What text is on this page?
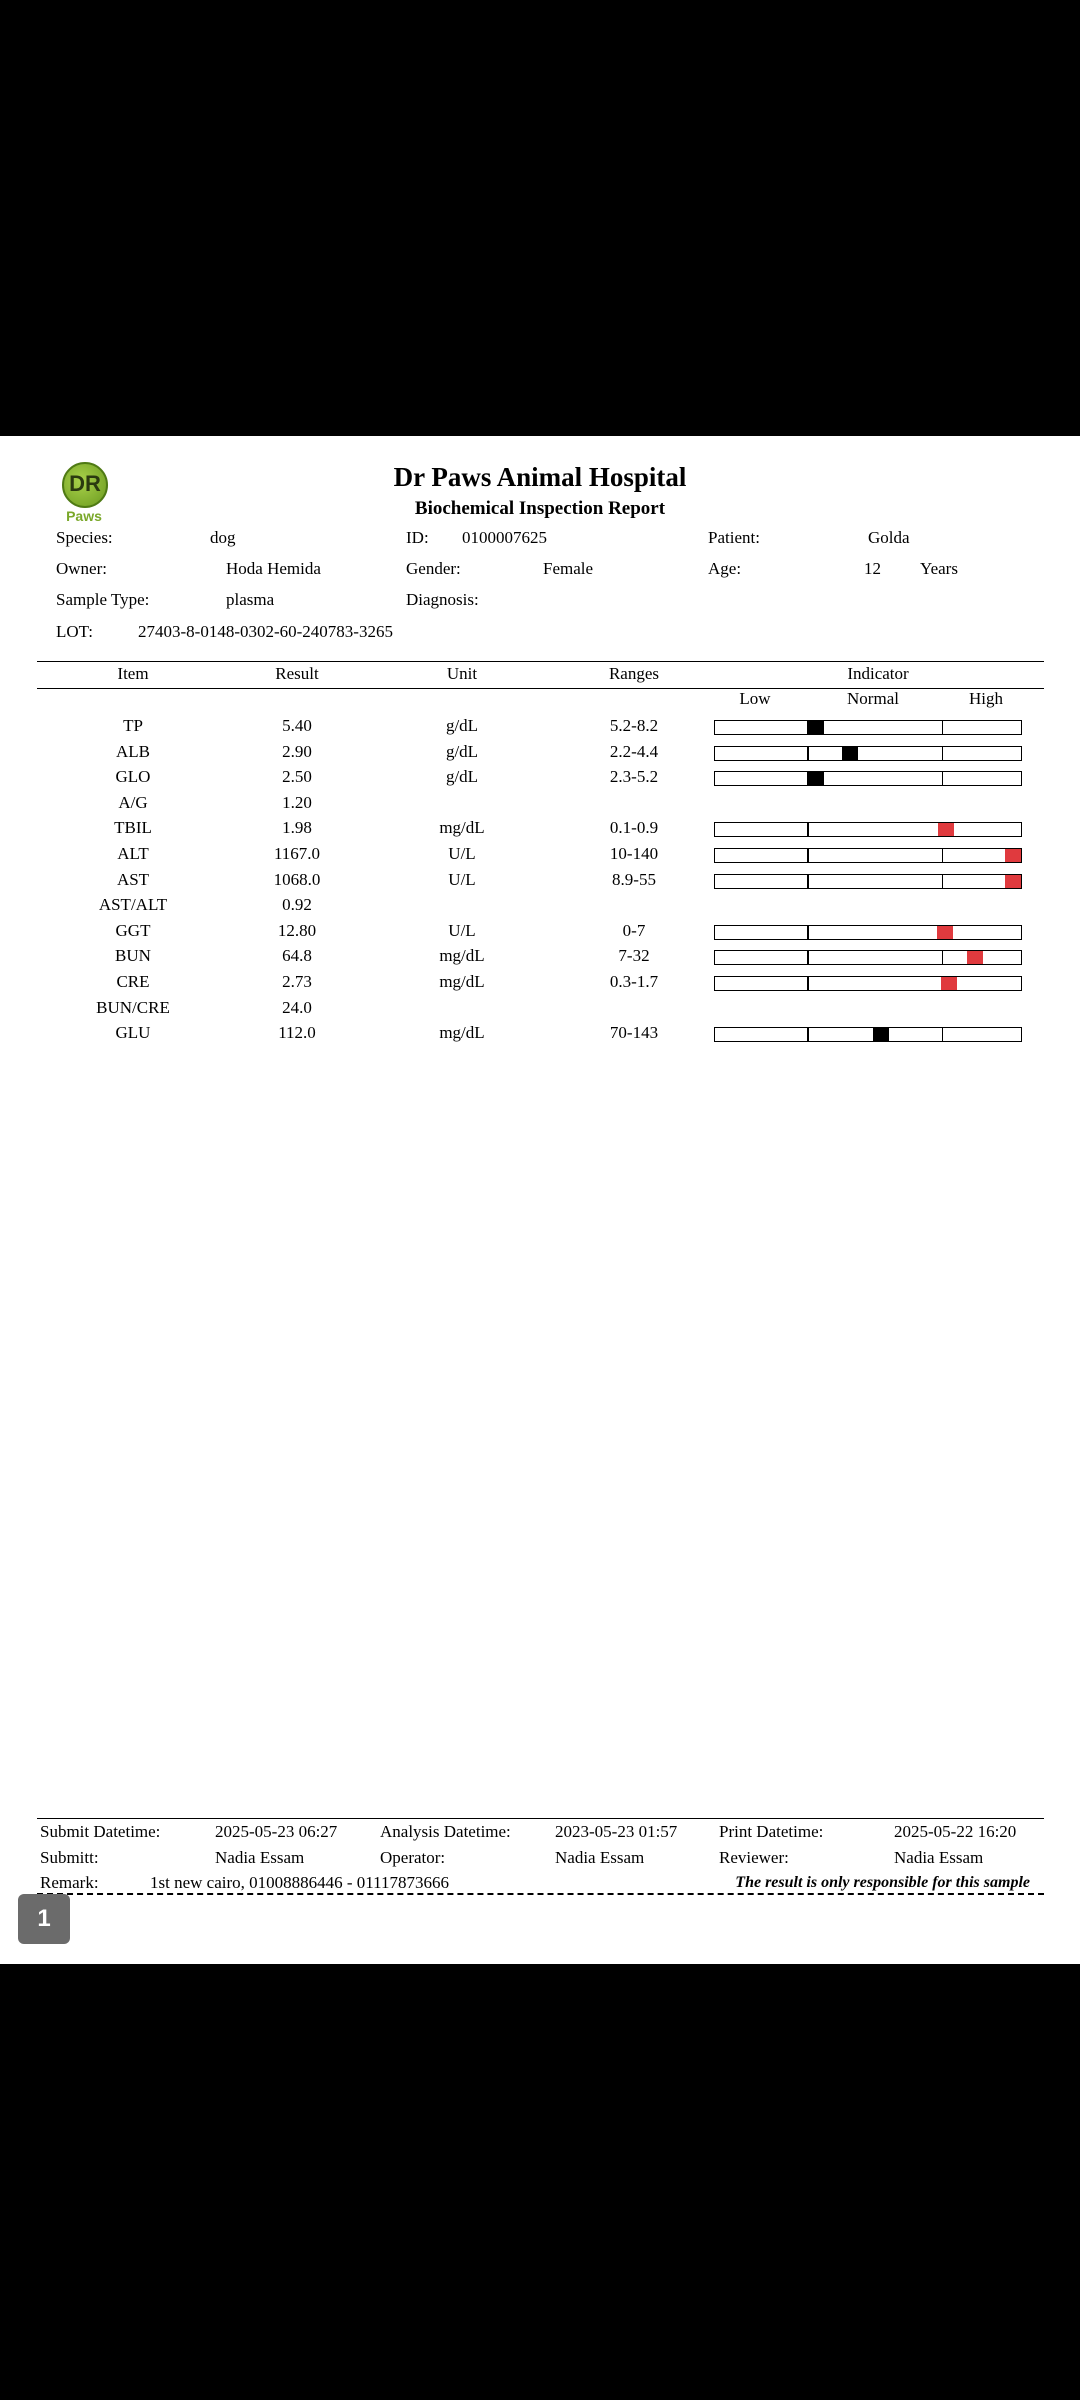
DR
Paws
Dr Paws Animal Hospital
Biochemical Inspection Report
Species:	dog	ID: 0100007625	Patient:	Golda
Owner:	Hoda Hemida	Gender:	Female	Age:	12 Years
Sample Type:	plasma	Diagnosis:
LOT:	27403-8-0148-0302-60-240783-3265
Item	Result	Unit	Ranges	Indicator
Low	Normal	High
TP	5.40	g/dL	5.2-8.2
ALB	2.90	g/dL	2.2-4.4
GLO	2.50	g/dL	2.3-5.2
A/G	1.20
TBIL	1.98	mg/dL	0.1-0.9
ALT	1167.0	U/L	10-140
AST	1068.0	U/L	8.9-55
AST/ALT	0.92
GGT	12.80	U/L	0-7
BUN	64.8	mg/dL	7-32
CRE	2.73	mg/dL	0.3-1.7
BUN/CRE	24.0
GLU	112.0	mg/dL	70-143
Submit Datetime:	2025-05-23 06:27	Analysis Datetime:	2023-05-23 01:57 Print Datetime:	2025-05-22 16:20
Submitt:	Nadia Essam	Operator:	Nadia Essam	Reviewer:	Nadia Essam
Remark:	1st new cairo, 01008886446 - 01117873666	The result is only responsible for this sample
1
